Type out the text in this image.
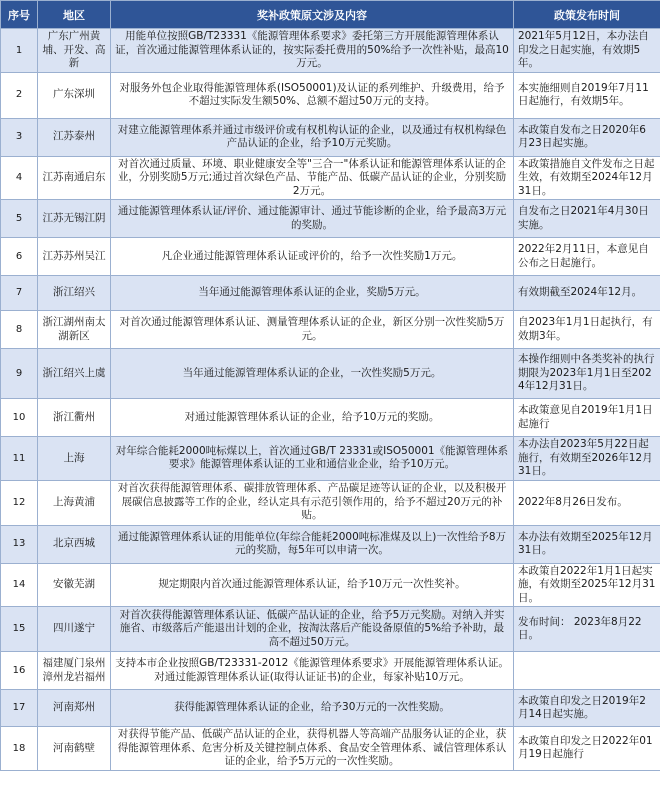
序号	地区	奖补政策原文涉及内容	政策发布时间
1	广东广州黄埔、开发、高新	用能单位按照GB/T23331《能源管理体系要求》委托第三方开展能源管理体系认证，首次通过能源管理体系认证的，按实际委托费用的50%给予一次性补贴，最高10万元。	2021年5月12日，本办法自印发之日起实施，有效期5年。
2	广东深圳	对服务外包企业取得能源管理体系(ISO50001)及认证的系列维护、升级费用，给予不超过实际发生额50%、总额不超过50万元的支持。	本实施细则自2019年7月11日起施行，有效期5年。
3	江苏泰州	对建立能源管理体系并通过市级评价或有权机构认证的企业，以及通过有权机构绿色产品认证的企业，给予10万元奖励。	本政策自发布之日2020年6月23日起实施。
4	江苏南通启东	对首次通过质量、环境、职业健康安全等"三合一"体系认证和能源管理体系认证的企业，分别奖励5万元;通过首次绿色产品、节能产品、低碳产品认证的企业，分别奖励2万元。	本政策措施自文件发布之日起生效，有效期至2024年12月31日。
5	江苏无锡江阴	通过能源管理体系认证/评价、通过能源审计、通过节能诊断的企业，给予最高3万元的奖励。	自发布之日2021年4月30日实施。
6	江苏苏州吴江	凡企业通过能源管理体系认证或评价的，给予一次性奖励1万元。	2022年2月11日，本意见自公布之日起施行。
7	浙江绍兴	当年通过能源管理体系认证的企业，奖励5万元。	有效期截至2024年12月。
8	浙江湖州南太湖新区	对首次通过能源管理体系认证、测量管理体系认证的企业，新区分别一次性奖励5万元。	自2023年1月1日起执行，有效期3年。
9	浙江绍兴上虞	当年通过能源管理体系认证的企业，一次性奖励5万元。	本操作细则中各类奖补的执行期限为2023年1月1日至2024年12月31日。
10	浙江衢州	对通过能源管理体系认证的企业，给予10万元的奖励。	本政策意见自2019年1月1日起施行
11	上海	对年综合能耗2000吨标煤以上，首次通过GB/T 23331或ISO50001《能源管理体系要求》能源管理体系认证的工业和通信业企业，给予10万元。	本办法自2023年5月22日起施行，有效期至2026年12月31日。
12	上海黄浦	对首次获得能源管理体系、碳排放管理体系、产品碳足迹等认证的企业，以及积极开展碳信息披露等工作的企业，经认定具有示范引领作用的，给予不超过20万元的补贴。	2022年8月26日发布。
13	北京西城	通过能源管理体系认证的用能单位(年综合能耗2000吨标准煤及以上)一次性给予8万元的奖励，每5年可以申请一次。	本办法有效期至2025年12月31日。
14	安徽芜湖	规定期限内首次通过能源管理体系认证，给予10万元一次性奖补。	本政策自2022年1月1日起实施，有效期至2025年12月31日。
15	四川遂宁	对首次获得能源管理体系认证、低碳产品认证的企业，给予5万元奖励。对纳入并实施省、市级落后产能退出计划的企业，按淘汰落后产能设备原值的5%给予补助，最高不超过50万元。	发布时间： 2023年8月22日。
16	福建厦门泉州漳州龙岩福州	支持本市企业按照GB/T23331-2012《能源管理体系要求》开展能源管理体系认证。对通过能源管理体系认证(取得认证证书)的企业，每家补贴10万元。	
17	河南郑州	获得能源管理体系认证的企业，给予30万元的一次性奖励。	本政策自印发之日2019年2月14日起实施。
18	河南鹤壁	对获得节能产品、低碳产品认证的企业，获得机器人等高端产品服务认证的企业，获得能源管理体系、危害分析及关键控制点体系、食品安全管理体系、诚信管理体系认证的企业，给予5万元的一次性奖励。	本政策自印发之日2022年01月19日起施行
